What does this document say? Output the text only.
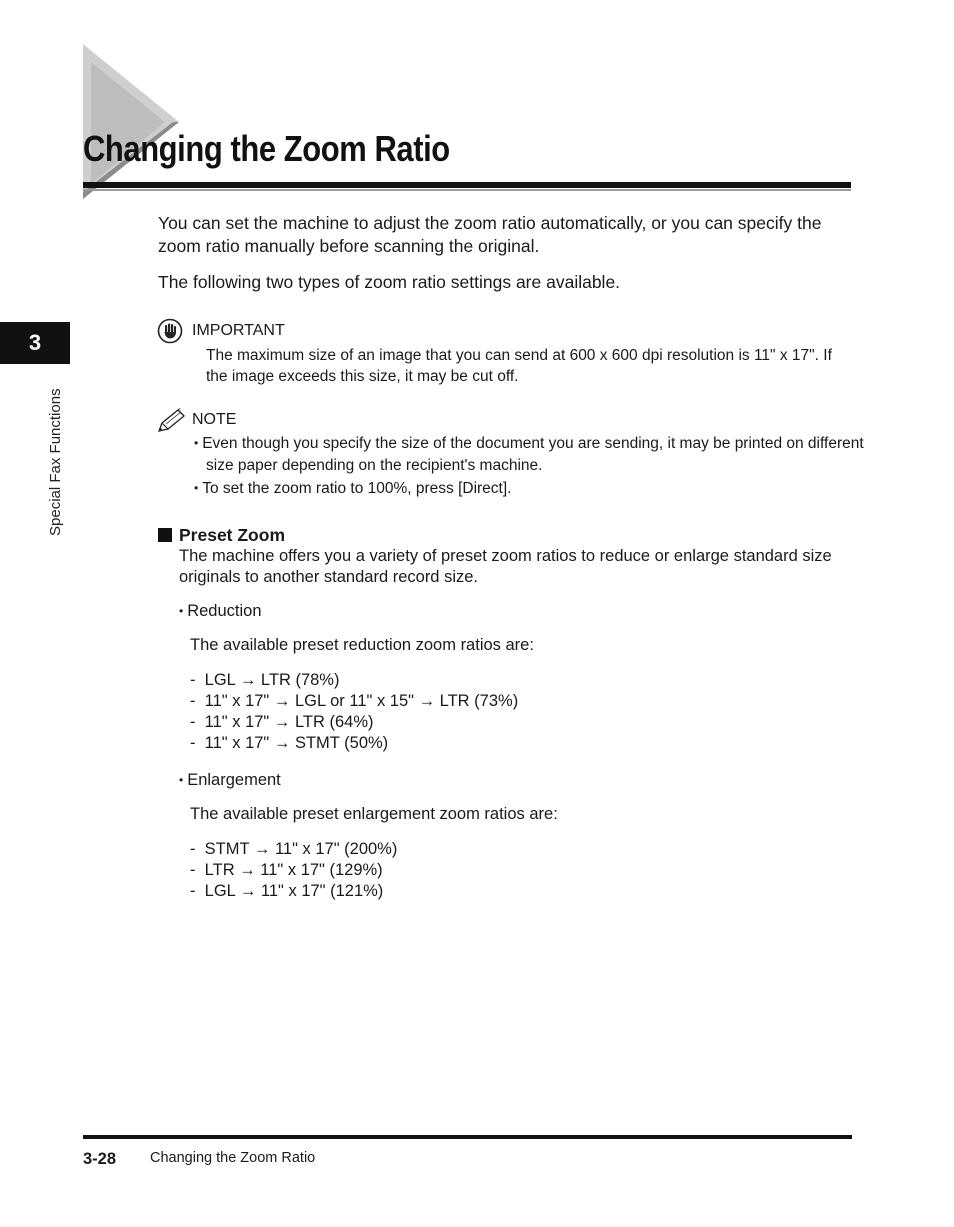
Changing the Zoom Ratio
3
Special Fax Functions

You can set the machine to adjust the zoom ratio automatically, or you can specify the zoom ratio manually before scanning the original.

The following two types of zoom ratio settings are available.

IMPORTANT
The maximum size of an image that you can send at 600 x 600 dpi resolution is 11" x 17". If the image exceeds this size, it may be cut off.
NOTE
• Even though you specify the size of the document you are sending, it may be printed on different size paper depending on the recipient's machine.
• To set the zoom ratio to 100%, press [Direct].
Preset Zoom
The machine offers you a variety of preset zoom ratios to reduce or enlarge standard size originals to another standard record size.
• Reduction
The available preset reduction zoom ratios are:
-  LGL → LTR (78%)
-  11" x 17" → LGL or 11" x 15" → LTR (73%)
-  11" x 17" → LTR (64%)
-  11" x 17" → STMT (50%)
• Enlargement
The available preset enlargement zoom ratios are:
-  STMT → 11" x 17" (200%)
-  LTR → 11" x 17" (129%)
-  LGL → 11" x 17" (121%)
3-28 Changing the Zoom Ratio
